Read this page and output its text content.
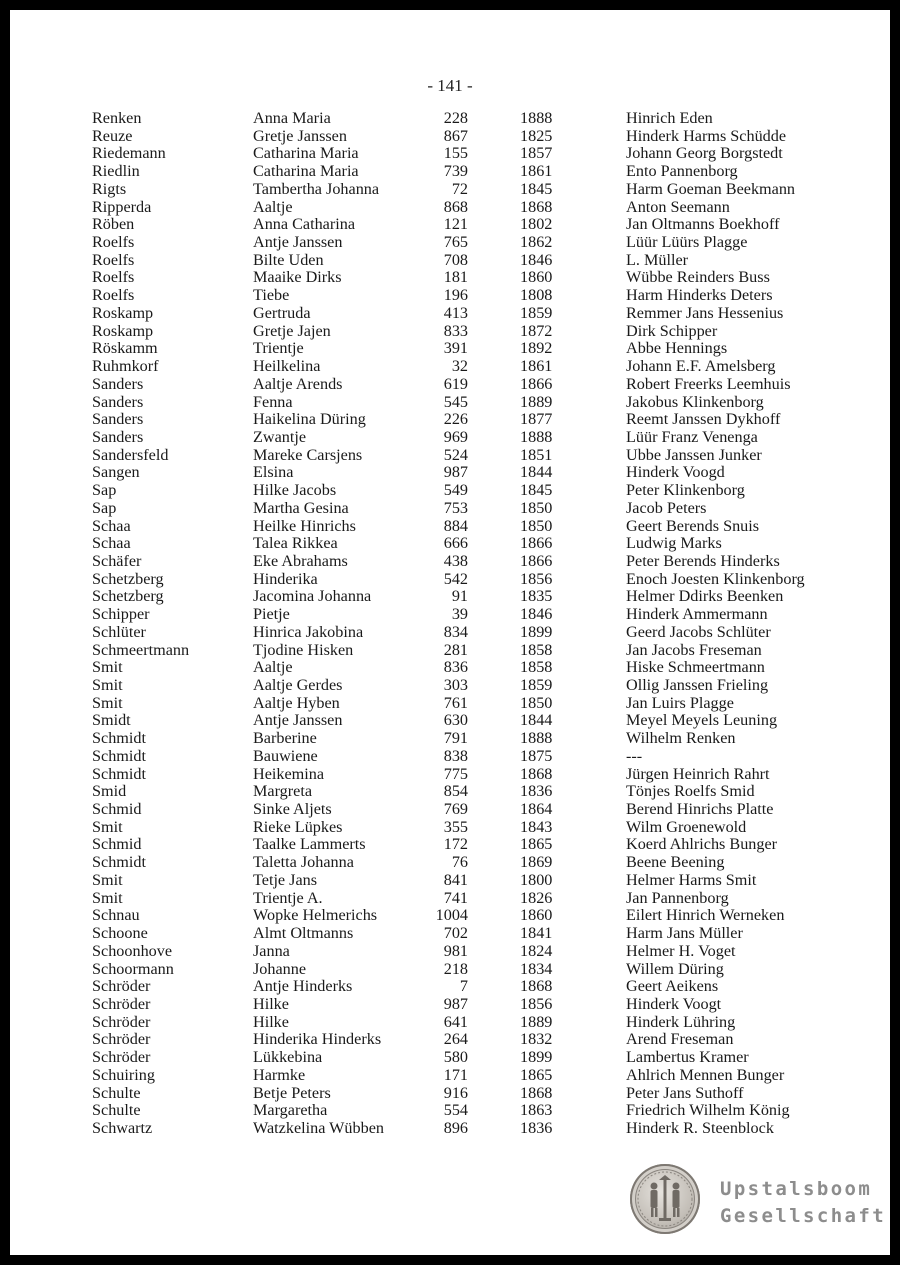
- 141 -
Renken	Anna Maria	228	1888	Hinrich Eden
Reuze	Gretje Janssen	867	1825	Hinderk Harms Schüdde
Riedemann	Catharina Maria	155	1857	Johann Georg Borgstedt
Riedlin	Catharina Maria	739	1861	Ento Pannenborg
Rigts	Tambertha Johanna	72	1845	Harm Goeman Beekmann
Ripperda	Aaltje	868	1868	Anton Seemann
Röben	Anna Catharina	121	1802	Jan Oltmanns Boekhoff
Roelfs	Antje Janssen	765	1862	Lüür Lüürs Plagge
Roelfs	Bilte Uden	708	1846	L. Müller
Roelfs	Maaike Dirks	181	1860	Wübbe Reinders Buss
Roelfs	Tiebe	196	1808	Harm Hinderks Deters
Roskamp	Gertruda	413	1859	Remmer Jans Hessenius
Roskamp	Gretje Jajen	833	1872	Dirk Schipper
Röskamm	Trientje	391	1892	Abbe Hennings
Ruhmkorf	Heilkelina	32	1861	Johann E.F. Amelsberg
Sanders	Aaltje Arends	619	1866	Robert Freerks Leemhuis
Sanders	Fenna	545	1889	Jakobus Klinkenborg
Sanders	Haikelina Düring	226	1877	Reemt Janssen Dykhoff
Sanders	Zwantje	969	1888	Lüür Franz Venenga
Sandersfeld	Mareke Carsjens	524	1851	Ubbe Janssen Junker
Sangen	Elsina	987	1844	Hinderk Voogd
Sap	Hilke Jacobs	549	1845	Peter Klinkenborg
Sap	Martha Gesina	753	1850	Jacob Peters
Schaa	Heilke Hinrichs	884	1850	Geert Berends Snuis
Schaa	Talea Rikkea	666	1866	Ludwig Marks
Schäfer	Eke Abrahams	438	1866	Peter Berends Hinderks
Schetzberg	Hinderika	542	1856	Enoch Joesten Klinkenborg
Schetzberg	Jacomina Johanna	91	1835	Helmer Ddirks Beenken
Schipper	Pietje	39	1846	Hinderk Ammermann
Schlüter	Hinrica Jakobina	834	1899	Geerd Jacobs Schlüter
Schmeertmann	Tjodine Hisken	281	1858	Jan Jacobs Freseman
Smit	Aaltje	836	1858	Hiske Schmeertmann
Smit	Aaltje Gerdes	303	1859	Ollig Janssen Frieling
Smit	Aaltje Hyben	761	1850	Jan Luirs Plagge
Smidt	Antje Janssen	630	1844	Meyel Meyels Leuning
Schmidt	Barberine	791	1888	Wilhelm Renken
Schmidt	Bauwiene	838	1875	---
Schmidt	Heikemina	775	1868	Jürgen Heinrich Rahrt
Smid	Margreta	854	1836	Tönjes Roelfs Smid
Schmid	Sinke Aljets	769	1864	Berend Hinrichs Platte
Smit	Rieke Lüpkes	355	1843	Wilm Groenewold
Schmid	Taalke Lammerts	172	1865	Koerd Ahlrichs Bunger
Schmidt	Taletta Johanna	76	1869	Beene Beening
Smit	Tetje Jans	841	1800	Helmer Harms Smit
Smit	Trientje A.	741	1826	Jan Pannenborg
Schnau	Wopke Helmerichs	1004	1860	Eilert Hinrich Werneken
Schoone	Almt Oltmanns	702	1841	Harm Jans Müller
Schoonhove	Janna	981	1824	Helmer H. Voget
Schoormann	Johanne	218	1834	Willem Düring
Schröder	Antje Hinderks	7	1868	Geert Aeikens
Schröder	Hilke	987	1856	Hinderk Voogt
Schröder	Hilke	641	1889	Hinderk Lühring
Schröder	Hinderika Hinderks	264	1832	Arend Freseman
Schröder	Lükkebina	580	1899	Lambertus Kramer
Schuiring	Harmke	171	1865	Ahlrich Mennen Bunger
Schulte	Betje Peters	916	1868	Peter Jans Suthoff
Schulte	Margaretha	554	1863	Friedrich Wilhelm König
Schwartz	Watzkelina Wübben	896	1836	Hinderk R. Steenblock
Upstalsboom
Gesellschaft
